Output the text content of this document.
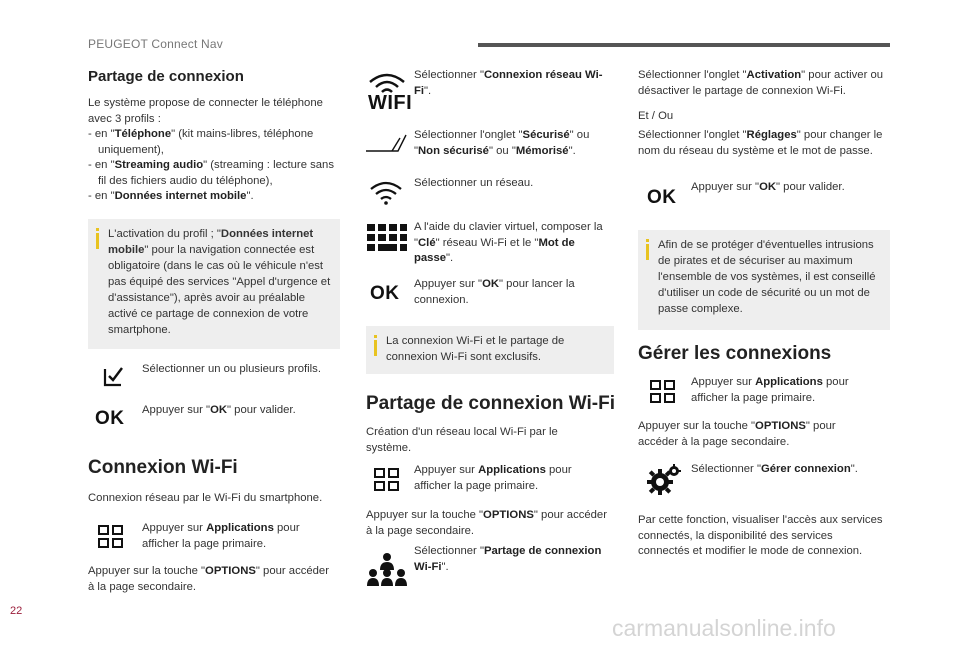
PEUGEOT Connect Nav
Partage de connexion
Le système propose de connecter le téléphone avec 3 profils :
- en "Téléphone" (kit mains-libres, téléphone uniquement),
- en "Streaming audio" (streaming : lecture sans fil des fichiers audio du téléphone),
- en "Données internet mobile".
L'activation du profil ; "Données internet mobile" pour la navigation connectée est obligatoire (dans le cas où le véhicule n'est pas équipé des services "Appel d'urgence et d'assistance"), après avoir au préalable activé ce partage de connexion de votre smartphone.
Sélectionner un ou plusieurs profils.
OK Appuyer sur "OK" pour valider.
Connexion Wi-Fi
Connexion réseau par le Wi-Fi du smartphone.
Appuyer sur Applications pour afficher la page primaire.
Appuyer sur la touche "OPTIONS" pour accéder à la page secondaire.
WIFI
Sélectionner "Connexion réseau Wi-Fi".
Sélectionner l'onglet "Sécurisé" ou "Non sécurisé" ou "Mémorisé".
Sélectionner un réseau.
A l'aide du clavier virtuel, composer la "Clé" réseau Wi-Fi et le "Mot de passe".
OK Appuyer sur "OK" pour lancer la connexion.
La connexion Wi-Fi et le partage de connexion Wi-Fi sont exclusifs.
Partage de connexion Wi-Fi
Création d'un réseau local Wi-Fi par le système.
Appuyer sur Applications pour afficher la page primaire.
Appuyer sur la touche "OPTIONS" pour accéder à la page secondaire.
Sélectionner "Partage de connexion Wi-Fi".
Sélectionner l'onglet "Activation" pour activer ou désactiver le partage de connexion Wi-Fi.
Et / Ou
Sélectionner l'onglet "Réglages" pour changer le nom du réseau du système et le mot de passe.
OK Appuyer sur "OK" pour valider.
Afin de se protéger d'éventuelles intrusions de pirates et de sécuriser au maximum l'ensemble de vos systèmes, il est conseillé d'utiliser un code de sécurité ou un mot de passe complexe.
Gérer les connexions
Appuyer sur Applications pour afficher la page primaire.
Appuyer sur la touche "OPTIONS" pour accéder à la page secondaire.
Sélectionner "Gérer connexion".
Par cette fonction, visualiser l'accès aux services connectés, la disponibilité des services connectés et modifier le mode de connexion.
22
carmanualsonline.info
